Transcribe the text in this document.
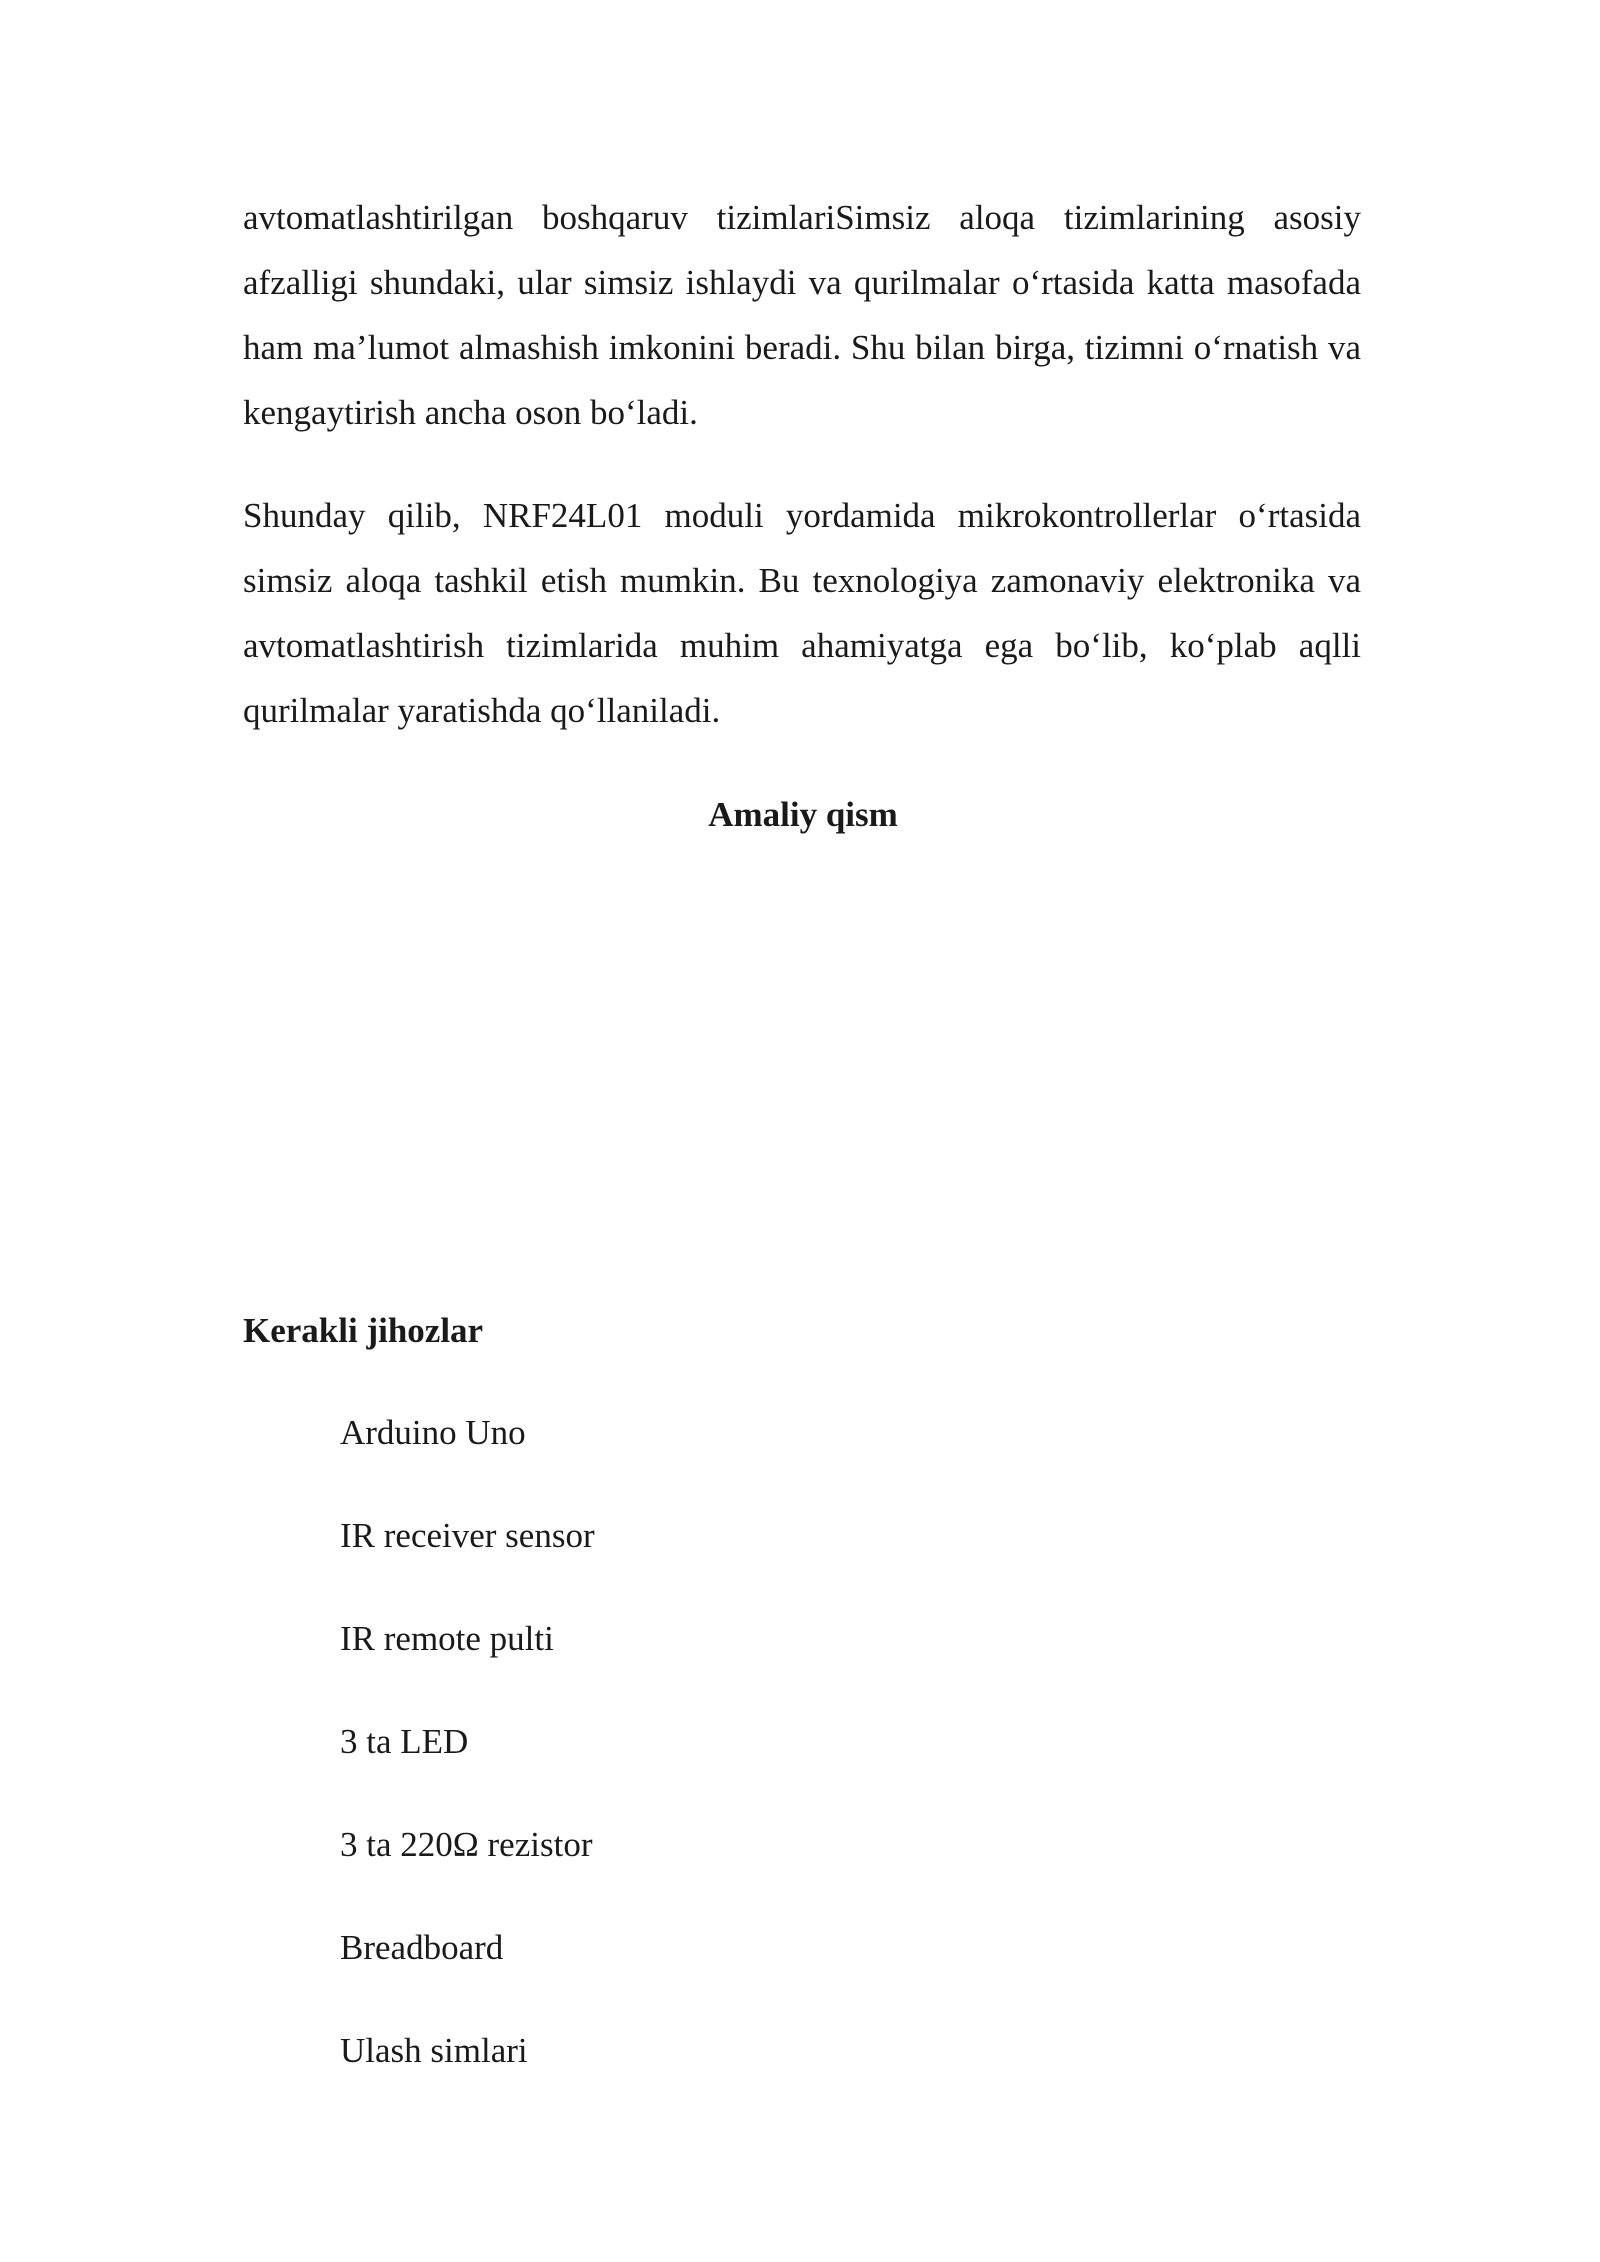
avtomatlashtirilgan boshqaruv tizimlariSimsiz aloqa tizimlarining asosiy afzalligi shundaki, ular simsiz ishlaydi va qurilmalar o‘rtasida katta masofada ham ma’lumot almashish imkonini beradi. Shu bilan birga, tizimni o‘rnatish va kengaytirish ancha oson bo‘ladi.

Shunday qilib, NRF24L01 moduli yordamida mikrokontrollerlar o‘rtasida simsiz aloqa tashkil etish mumkin. Bu texnologiya zamonaviy elektronika va avtomatlashtirish tizimlarida muhim ahamiyatga ega bo‘lib, ko‘plab aqlli qurilmalar yaratishda qo‘llaniladi.

Amaliy qism
Kerakli jihozlar
Arduino Uno
IR receiver sensor
IR remote pulti
3 ta LED
3 ta 220Ω rezistor
Breadboard
Ulash simlari
